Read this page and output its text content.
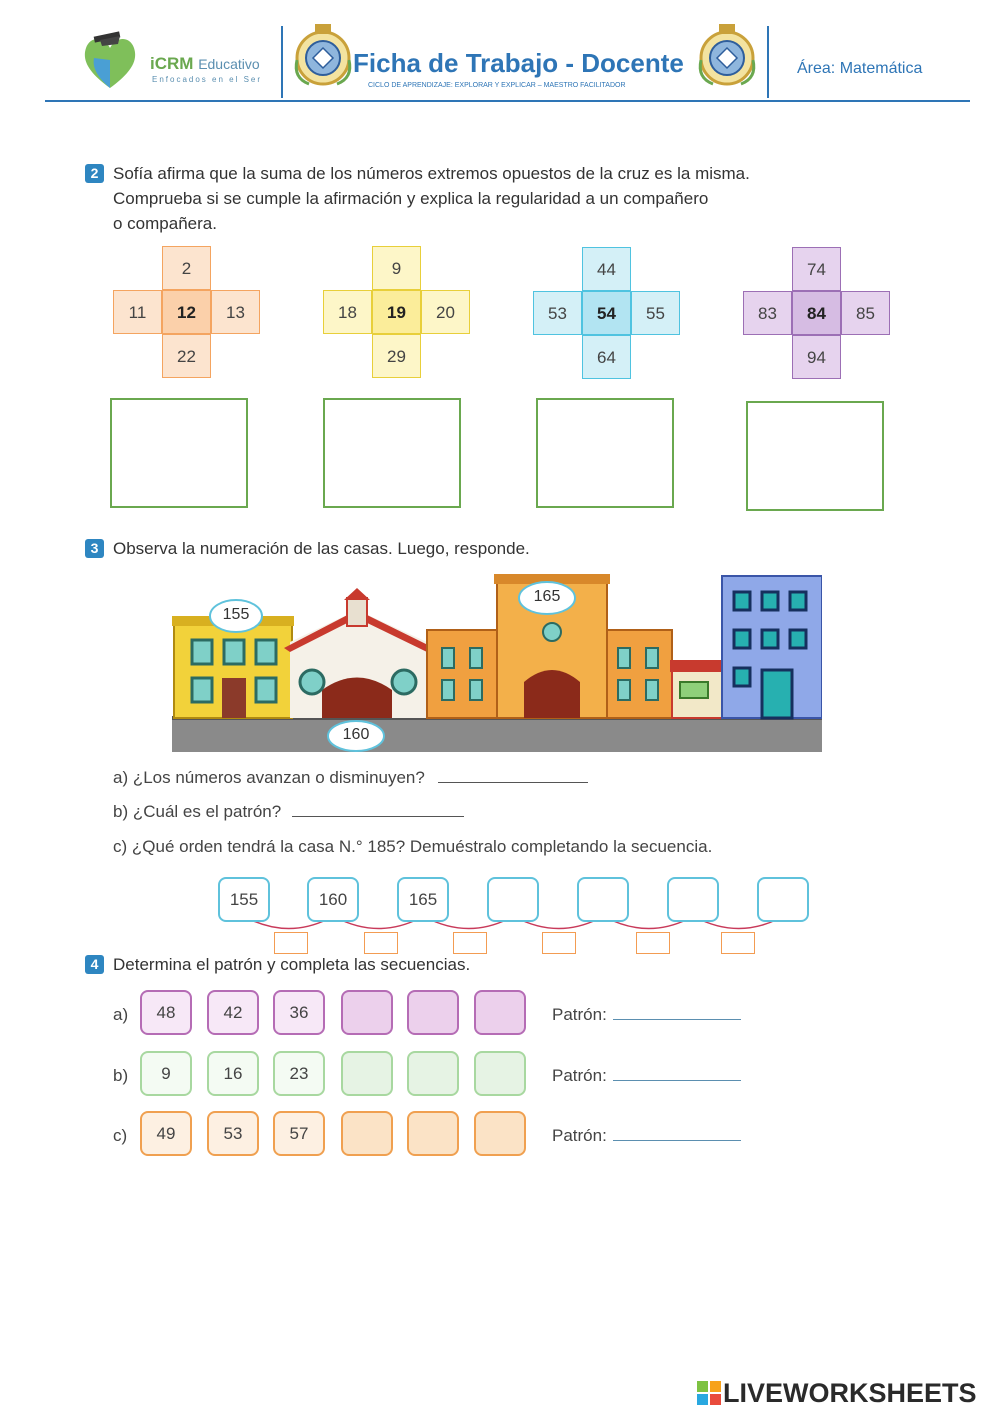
iCRM Educativo
Enfocados en el Ser
Ficha de Trabajo - Docente
CICLO DE APRENDIZAJE: EXPLORAR Y EXPLICAR – MAESTRO FACILITADOR
Área: Matemática
2 Sofía afirma que la suma de los números extremos opuestos de la cruz es la misma.
Comprueba si se cumple la afirmación y explica la regularidad a un compañero
o compañera.
2
11	12	13
22
9
18	19	20
29
44
53	54	55
64
74
83	84	85
94
3 Observa la numeración de las casas. Luego, responde.
155
165
160
a) ¿Los números avanzan o disminuyen?
b) ¿Cuál es el patrón?
c) ¿Qué orden tendrá la casa N.° 185? Demuéstralo completando la secuencia.
155	160	165
4 Determina el patrón y completa las secuencias.
a)	48	42	36	Patrón:
b)	9	16	23	Patrón:
c)	49	53	57	Patrón:
LIVEWORKSHEETS
